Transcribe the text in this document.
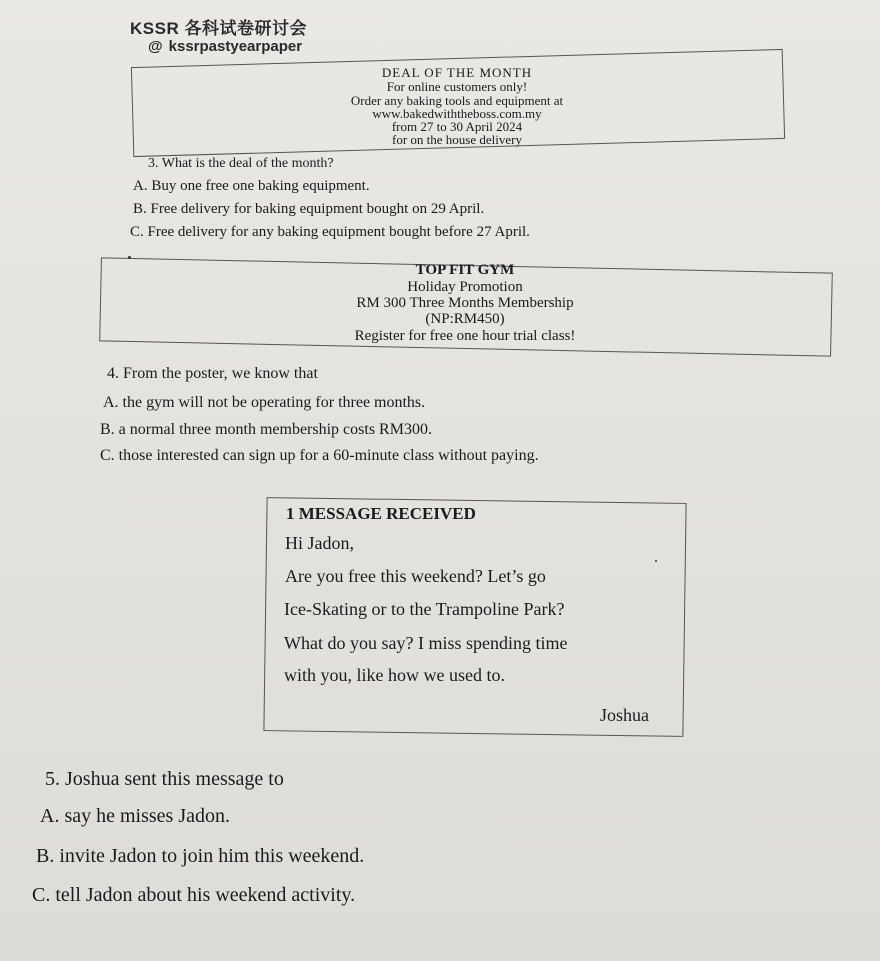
KSSR 各科试卷研讨会
@ kssrpastyearpaper
DEAL OF THE MONTH
For online customers only!
Order any baking tools and equipment at
www.bakedwiththeboss.com.my
from 27 to 30 April 2024
for on the house delivery
3. What is the deal of the month?
A. Buy one free one baking equipment.
B. Free delivery for baking equipment bought on 29 April.
C. Free delivery for any baking equipment bought before 27 April.
TOP FIT GYM
Holiday Promotion
RM 300 Three Months Membership
(NP:RM450)
Register for free one hour trial class!
4. From the poster, we know that
A. the gym will not be operating for three months.
B. a normal three month membership costs RM300.
C. those interested can sign up for a 60-minute class without paying.
1 MESSAGE RECEIVED
Hi Jadon,
Are you free this weekend? Let’s go
Ice-Skating or to the Trampoline Park?
What do you say? I miss spending time
with you, like how we used to.
Joshua
5. Joshua sent this message to
A. say he misses Jadon.
B. invite Jadon to join him this weekend.
C. tell Jadon about his weekend activity.
